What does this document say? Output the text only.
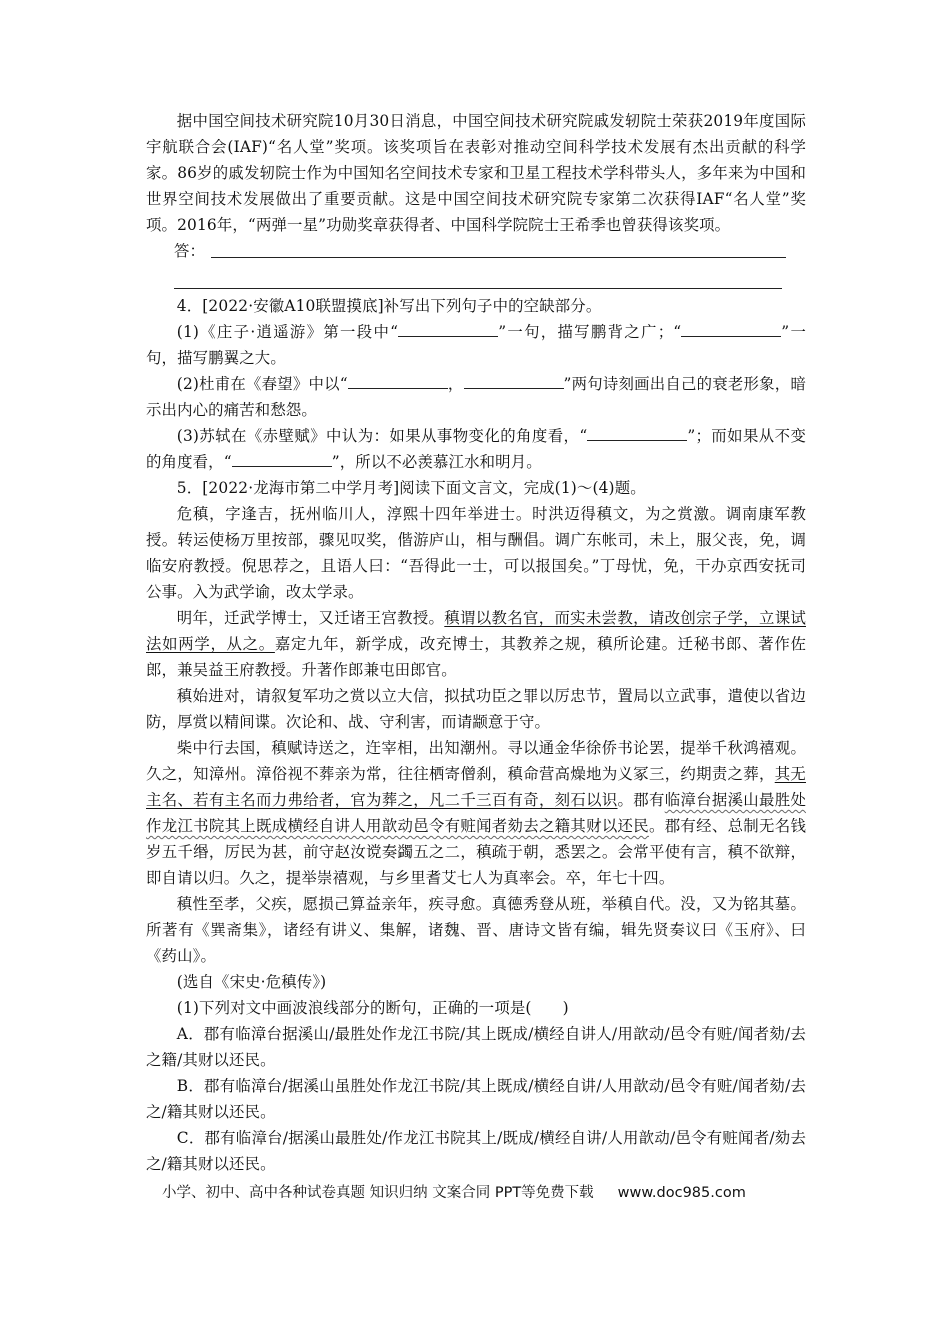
据中国空间技术研究院10月30日消息，中国空间技术研究院戚发轫院士荣获2019年度国际宇航联合会(IAF)“名人堂”奖项。该奖项旨在表彰对推动空间科学技术发展有杰出贡献的科学家。86岁的戚发轫院士作为中国知名空间技术专家和卫星工程技术学科带头人，多年来为中国和世界空间技术发展做出了重要贡献。这是中国空间技术研究院专家第二次获得IAF“名人堂”奖项。2016年，“两弹一星”功勋奖章获得者、中国科学院院士王希季也曾获得该奖项。

答：

4．[2022·安徽A10联盟摸底]补写出下列句子中的空缺部分。

(1)《庄子·逍遥游》第一段中“	”一句，描写鹏背之广；“	”一句，描写鹏翼之大。

(2)杜甫在《春望》中以“	，	”两句诗刻画出自己的衰老形象，暗示出内心的痛苦和愁怨。

(3)苏轼在《赤壁赋》中认为：如果从事物变化的角度看，“	”；而如果从不变的角度看，“	”，所以不必羡慕江水和明月。

5．[2022·龙海市第二中学月考]阅读下面文言文，完成(1)～(4)题。

危稹，字逢吉，抚州临川人，淳熙十四年举进士。时洪迈得稹文，为之赏激。调南康军教授。转运使杨万里按部，骤见叹奖，偕游庐山，相与酬倡。调广东帐司，未上，服父丧，免，调临安府教授。倪思荐之，且语人曰：“吾得此一士，可以报国矣。”丁母忧，免，干办京西安抚司公事。入为武学谕，改太学录。

明年，迁武学博士，又迁诸王宫教授。稹谓以教名官，而实未尝教，请改创宗子学，立课试法如两学，从之。嘉定九年，新学成，改充博士，其教养之规，稹所论建。迁秘书郎、著作佐郎，兼吴益王府教授。升著作郎兼屯田郎官。

稹始进对，请叙复军功之赏以立大信，拟拭功臣之罪以厉忠节，置局以立武事，遣使以省边防，厚赏以精间谍。次论和、战、守利害，而请颛意于守。

柴中行去国，稹赋诗送之，迕宰相，出知潮州。寻以通金华徐侨书论罢，提举千秋鸿禧观。久之，知漳州。漳俗视不葬亲为常，往往栖寄僧刹，稹命营高燥地为义冢三，约期责之葬，其无主名、若有主名而力弗给者，官为葬之，凡二千三百有奇，刻石以识。郡有临漳台据溪山最胜处作龙江书院其上既成横经自讲人用歆动邑令有赃闻者劾去之籍其财以还民。郡有经、总制无名钱岁五千缗，厉民为甚，前守赵汝谠奏蠲五之二，稹疏于朝，悉罢之。会常平使有言，稹不欲辩，即自请以归。久之，提举崇禧观，与乡里耆艾七人为真率会。卒，年七十四。

稹性至孝，父疾，愿损己算益亲年，疾寻愈。真德秀登从班，举稹自代。没，又为铭其墓。所著有《巽斋集》，诸经有讲义、集解，诸魏、晋、唐诗文皆有编，辑先贤奏议曰《玉府》、曰《药山》。

(选自《宋史·危稹传》)

(1)下列对文中画波浪线部分的断句，正确的一项是(　　)

A．郡有临漳台据溪山/最胜处作龙江书院/其上既成/横经自讲人/用歆动/邑令有赃/闻者劾/去之籍/其财以还民。

B．郡有临漳台/据溪山虽胜处作龙江书院/其上既成/横经自讲/人用歆动/邑令有赃/闻者劾/去之/籍其财以还民。

C．郡有临漳台/据溪山最胜处/作龙江书院其上/既成/横经自讲/人用歆动/邑令有赃闻者/劾去之/籍其财以还民。

小学、初中、高中各种试卷真题 知识归纳 文案合同 PPT等免费下载 www.doc985.com
